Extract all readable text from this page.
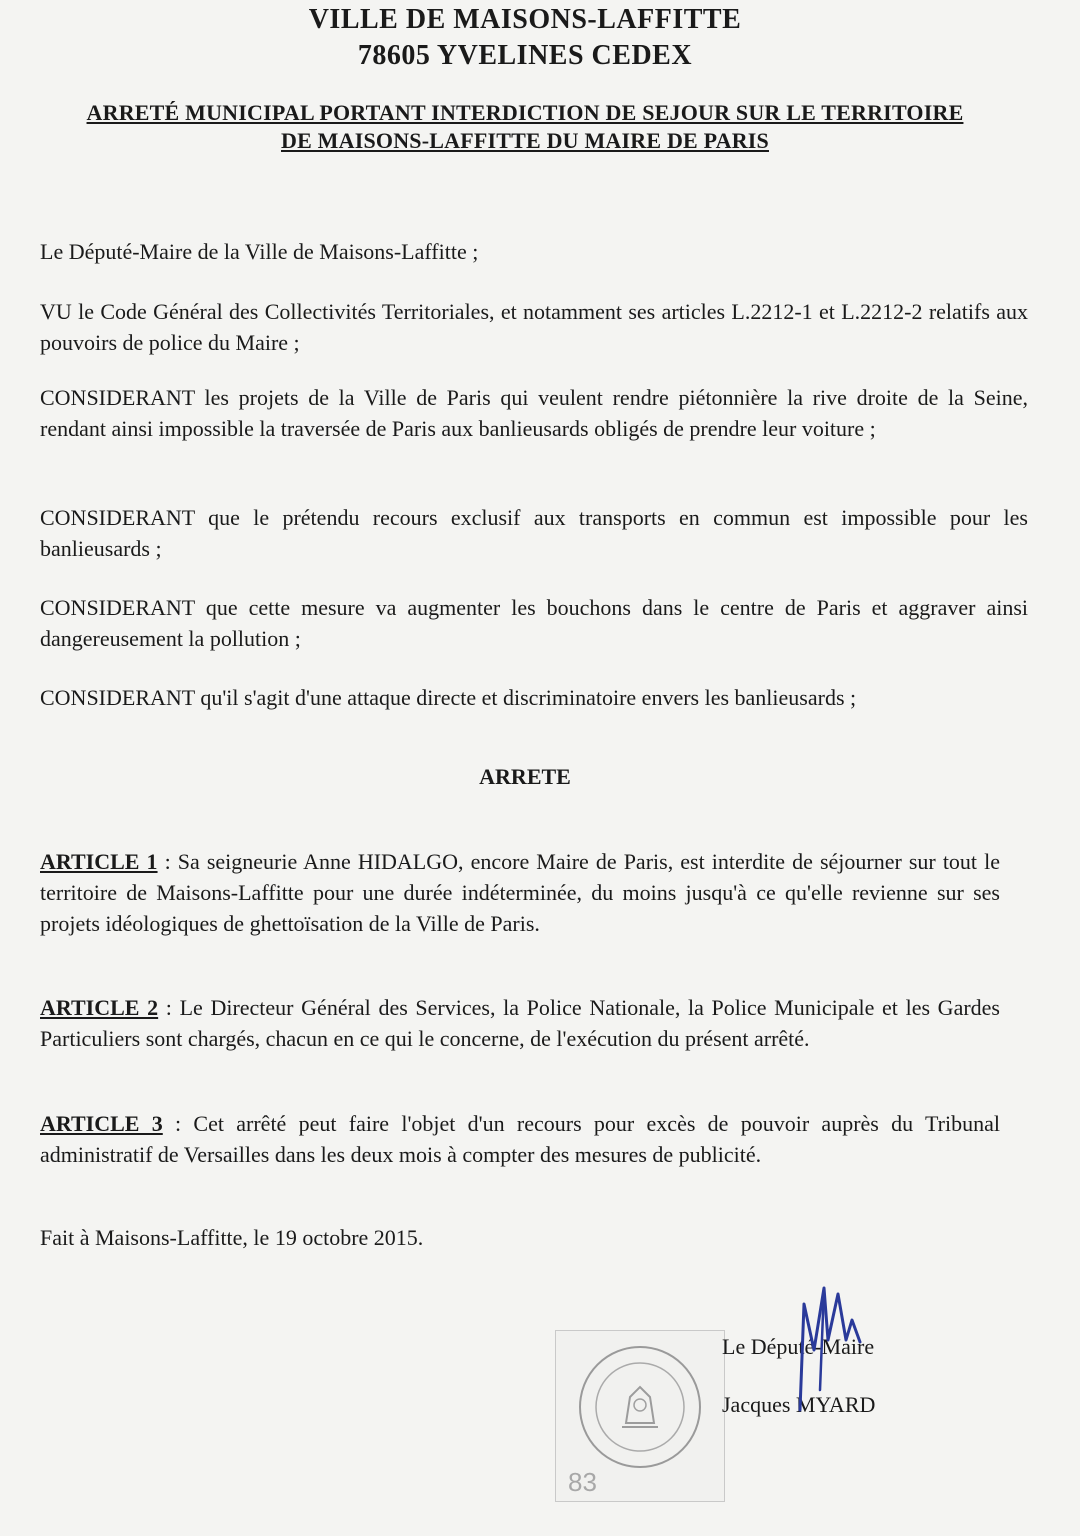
VILLE DE MAISONS-LAFFITTE
78605 YVELINES CEDEX
ARRETÉ MUNICIPAL PORTANT INTERDICTION DE SEJOUR SUR LE TERRITOIRE
DE MAISONS-LAFFITTE DU MAIRE DE PARIS
Le Député-Maire de la Ville de Maisons-Laffitte ;
VU le Code Général des Collectivités Territoriales, et notamment ses articles L.2212-1 et L.2212-2 relatifs aux pouvoirs de police du Maire ;
CONSIDERANT les projets de la Ville de Paris qui veulent rendre piétonnière la rive droite de la Seine, rendant ainsi impossible la traversée de Paris aux banlieusards obligés de prendre leur voiture ;
CONSIDERANT que le prétendu recours exclusif aux transports en commun est impossible pour les banlieusards ;
CONSIDERANT que cette mesure va augmenter les bouchons dans le centre de Paris et aggraver ainsi dangereusement la pollution ;
CONSIDERANT qu'il s'agit d'une attaque directe et discriminatoire envers les banlieusards ;
ARRETE
ARTICLE 1 : Sa seigneurie Anne HIDALGO, encore Maire de Paris, est interdite de séjourner sur tout le territoire de Maisons-Laffitte pour une durée indéterminée, du moins jusqu'à ce qu'elle revienne sur ses projets idéologiques de ghettoïsation de la Ville de Paris.
ARTICLE 2 : Le Directeur Général des Services, la Police Nationale, la Police Municipale et les Gardes Particuliers sont chargés, chacun en ce qui le concerne, de l'exécution du présent arrêté.
ARTICLE 3 : Cet arrêté peut faire l'objet d'un recours pour excès de pouvoir auprès du Tribunal administratif de Versailles dans les deux mois à compter des mesures de publicité.
Fait à Maisons-Laffitte, le 19 octobre 2015.
83
Le Député-Maire
Jacques MYARD
